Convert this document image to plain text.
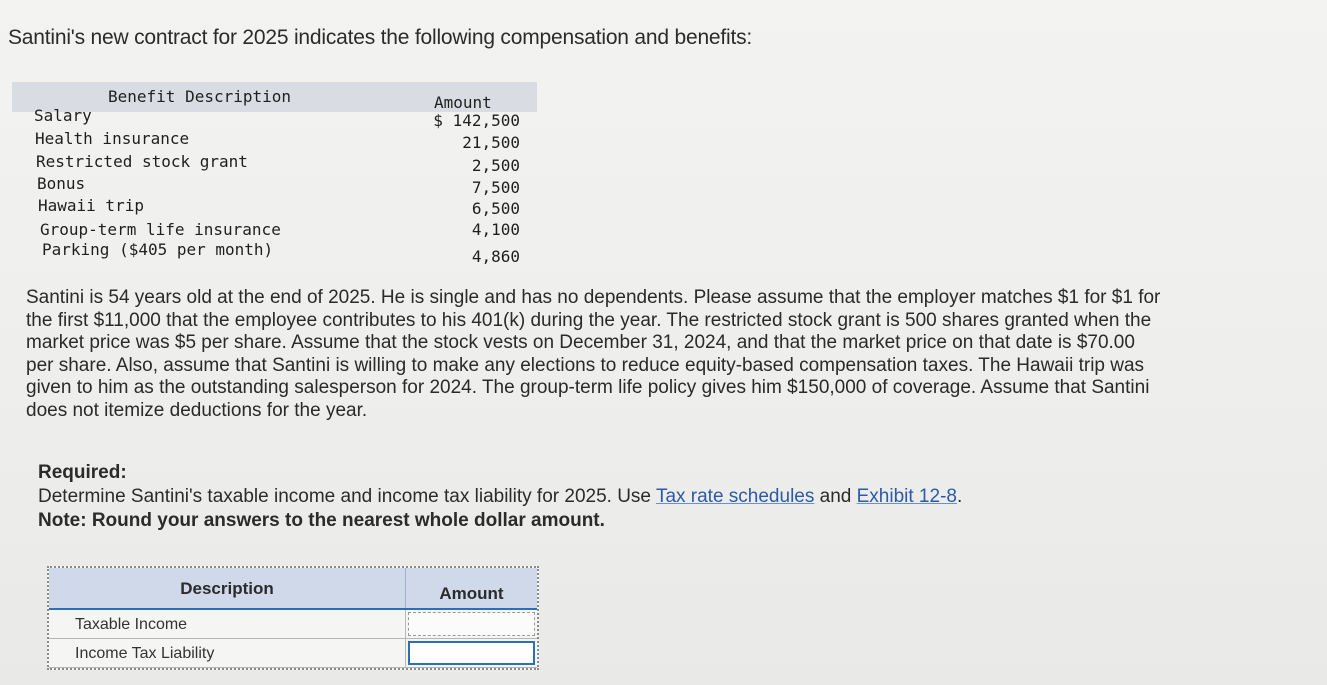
Santini's new contract for 2025 indicates the following compensation and benefits:
Benefit Description	Amount
Salary	$ 142,500
Health insurance	21,500
Restricted stock grant	2,500
Bonus	7,500
Hawaii trip	6,500
Group-term life insurance	4,100
Parking ($405 per month)	4,860

Santini is 54 years old at the end of 2025. He is single and has no dependents. Please assume that the employer matches $1 for $1 for

the first $11,000 that the employee contributes to his 401(k) during the year. The restricted stock grant is 500 shares granted when the

market price was $5 per share. Assume that the stock vests on December 31, 2024, and that the market price on that date is $70.00

per share. Also, assume that Santini is willing to make any elections to reduce equity-based compensation taxes. The Hawaii trip was

given to him as the outstanding salesperson for 2024. The group-term life policy gives him $150,000 of coverage. Assume that Santini

does not itemize deductions for the year.

Required:
Determine Santini's taxable income and income tax liability for 2025. Use Tax rate schedules and Exhibit 12-8.
Note: Round your answers to the nearest whole dollar amount.
Description	Amount
Taxable Income
Income Tax Liability
